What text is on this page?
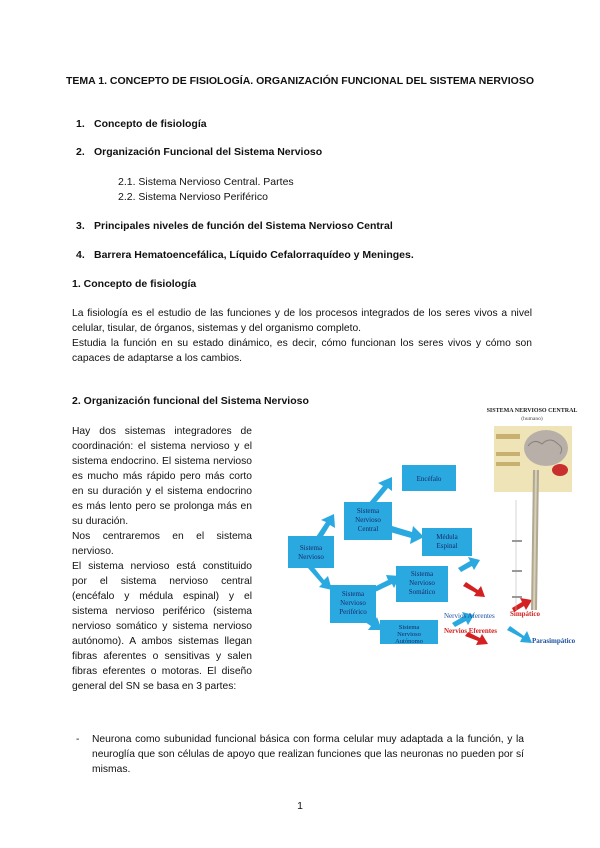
TEMA 1. CONCEPTO DE FISIOLOGÍA. ORGANIZACIÓN FUNCIONAL DEL SISTEMA NERVIOSO
1. Concepto de fisiología
2. Organización Funcional del Sistema Nervioso
2.1. Sistema Nervioso Central. Partes
2.2. Sistema Nervioso Periférico
3. Principales niveles de función del Sistema Nervioso Central
4. Barrera Hematoencefálica, Líquido Cefalorraquídeo y Meninges.
1. Concepto de fisiología
La fisiología es el estudio de las funciones y de los procesos integrados de los seres vivos a nivel celular, tisular, de órganos, sistemas y del organismo completo.
Estudia la función en su estado dinámico, es decir, cómo funcionan los seres vivos y cómo son capaces de adaptarse a los cambios.
2. Organización funcional del Sistema Nervioso

Hay dos sistemas integradores de coordinación: el sistema nervioso y el sistema endocrino. El sistema nervioso es mucho más rápido pero más corto en su duración y el sistema endocrino es más lento pero se prolonga más en su duración.

Nos centraremos en el sistema nervioso.

El sistema nervioso está constituido por el sistema nervioso central (encéfalo y médula espinal) y el sistema nervioso periférico (sistema nervioso somático y sistema nervioso autónomo). A ambos sistemas llegan fibras aferentes o sensitivas y salen fibras eferentes o motoras. El diseño general del SN se basa en 3 partes:

Sistema
Nervioso
Sistema
Nervioso
Central
Encéfalo
Médula
Espinal
Sistema
Nervioso
Periférico
Sistema
Nervioso
Somático
Sistema
Nervioso
Autónomo
Nervios Aferentes
Nervios Eferentes
Simpático
Parasimpático
SISTEMA NERVIOSO CENTRAL
(humano)
- Neurona como subunidad funcional básica con forma celular muy adaptada a la función, y la neuroglía que son células de apoyo que realizan funciones que las neuronas no pueden por sí mismas.
1
